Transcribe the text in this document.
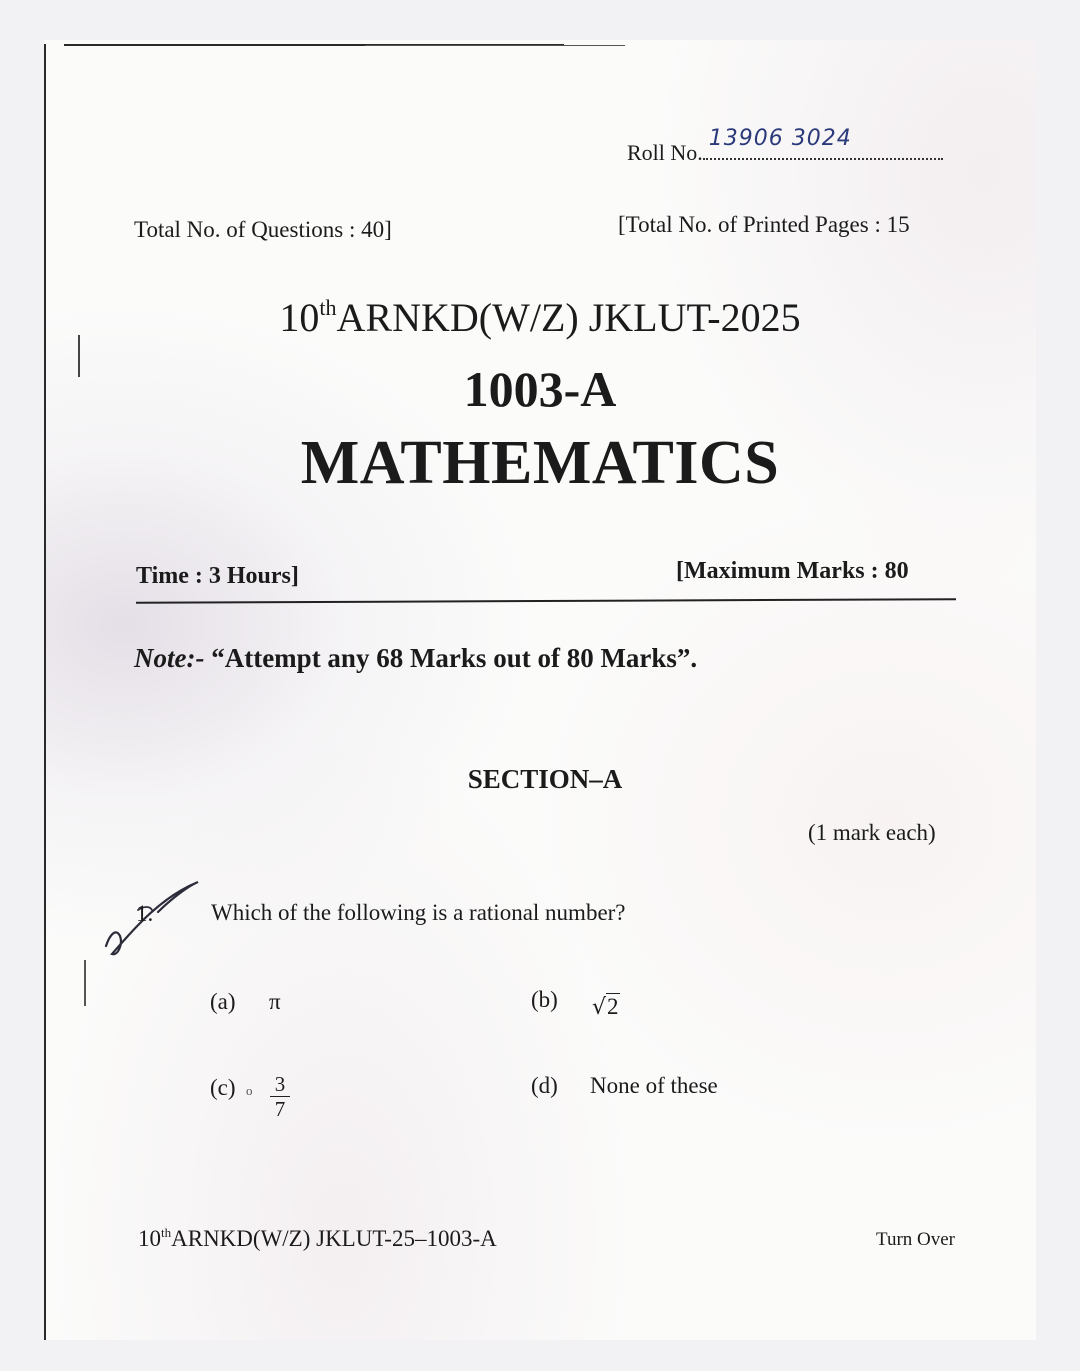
Roll No.
13906 3024
Total No. of Questions : 40]	[Total No. of Printed Pages : 15
10thARNKD(W/Z) JKLUT-2025
1003-A
MATHEMATICS
Time : 3 Hours]	[Maximum Marks : 80
Note:- “Attempt any 68 Marks out of 80 Marks”.
SECTION–A
(1 mark each)
1.	Which of the following is a rational number?
(a) π	(b) √2
(c) o $\frac{3}{7}$	(d) None of these
10thARNKD(W/Z) JKLUT-25–1003-A	Turn Over
